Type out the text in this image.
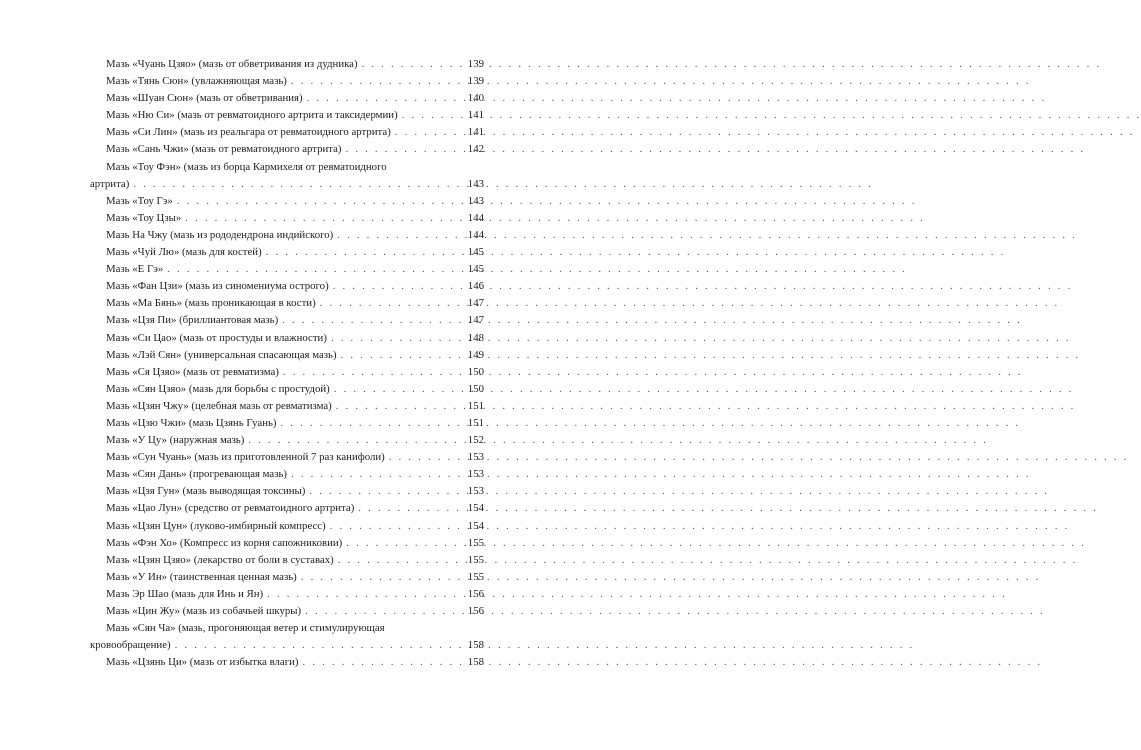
Мазь «Чуань Цзяо» (мазь от обветривания из дудника) . . .	139
Мазь «Тянь Сюн» (увлажняющая мазь) . . .	139
Мазь «Шуан Сюн» (мазь от обветривания) . . .	140
Мазь «Ню Си» (мазь от ревматоидного артрита и таксидермии) . . .	141
Мазь «Си Лин» (мазь из реальгара от ревматоидного артрита) . . .	141
Мазь «Сань Чжи» (мазь от ревматоидного артрита) . . .	142
Мазь «Тоу Фэн» (мазь из борца Кармихеля от ревматоидного
артрита) . . .	143
Мазь «Тоу Гэ» . . .	143
Мазь «Тоу Цзы» . . .	144
Мазь На Чжу (мазь из рододендрона индийского) . . .	144
Мазь «Чуй Лю» (мазь для костей) . . .	145
Мазь «Е Гэ» . . .	145
Мазь «Фан Цзи» (мазь из синомениума острого) . . .	146
Мазь «Ма Бянь» (мазь проникающая в кости) . . .	147
Мазь «Цзя Пи» (бриллиантовая мазь) . . .	147
Мазь «Си Цао» (мазь от простуды и влажности) . . .	148
Мазь «Лэй Сян» (универсальная спасающая мазь) . . .	149
Мазь «Ся Цзяо» (мазь от ревматизма) . . .	150
Мазь «Сян Цзяо» (мазь для борьбы с простудой) . . .	150
Мазь «Цзян Чжу» (целебная мазь от ревматизма) . . .	151
Мазь «Цзю Чжи» (мазь Цзянь Гуань) . . .	151
Мазь «У Цу» (наружная мазь) . . .	152
Мазь «Сун Чуань» (мазь из приготовленной 7 раз канифоли) . . .	153
Мазь «Сян Дань» (прогревающая мазь) . . .	153
Мазь «Цзя Гун» (мазь выводящая токсины) . . .	153
Мазь «Цао Лун» (средство от ревматоидного артрита) . . .	154
Мазь «Цзян Цун» (луково-имбирный компресс) . . .	154
Мазь «Фэн Хо» (Компресс из корня сапожниковии) . . .	155
Мазь «Цзян Цзяо» (лекарство от боли в суставах) . . .	155
Мазь «У Ин» (таинственная ценная мазь) . . .	155
Мазь Эр Шао (мазь для Инь и Ян) . . .	156
Мазь «Цин Жу» (мазь из собачьей шкуры) . . .	156
Мазь «Сян Ча» (мазь, прогоняющая ветер и стимулирующая
кровообращение) . . .	158
Мазь «Цзянь Ци» (мазь от избытка влаги) . . .	158
